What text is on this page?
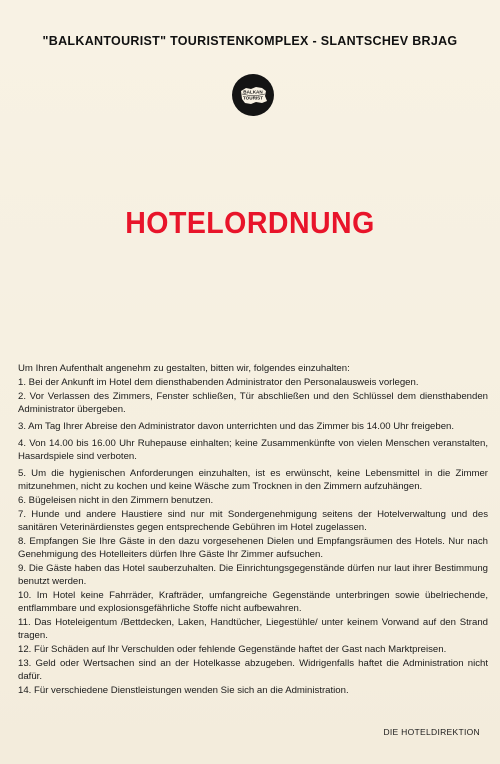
"BALKANTOURIST" TOURISTENKOMPLEX - SLANTSCHEV BRJAG
BALKAN
TOURIST
HOTELORDNUNG

Um Ihren Aufenthalt angenehm zu gestalten, bitten wir, folgendes einzuhalten:

1. Bei der Ankunft im Hotel dem diensthabenden Administrator den Personalausweis vorlegen.

2. Vor Verlassen des Zimmers, Fenster schließen, Tür abschließen und den Schlüssel dem diensthabenden Administrator übergeben.

3. Am Tag Ihrer Abreise den Administrator davon unterrichten und das Zimmer bis 14.00 Uhr freigeben.

4. Von 14.00 bis 16.00 Uhr Ruhepause einhalten; keine Zusammenkünfte von vielen Menschen veranstalten, Hasardspiele sind verboten.

5. Um die hygienischen Anforderungen einzuhalten, ist es erwünscht, keine Lebensmittel in die Zimmer mitzunehmen, nicht zu kochen und keine Wäsche zum Trocknen in den Zimmern aufzuhängen.

6. Bügeleisen nicht in den Zimmern benutzen.

7. Hunde und andere Haustiere sind nur mit Sondergenehmigung seitens der Hotelverwaltung und des sanitären Veterinärdienstes gegen entsprechende Gebühren im Hotel zugelassen.

8. Empfangen Sie Ihre Gäste in den dazu vorgesehenen Dielen und Empfangsräumen des Hotels. Nur nach Genehmigung des Hotelleiters dürfen Ihre Gäste Ihr Zimmer aufsuchen.

9. Die Gäste haben das Hotel sauberzuhalten. Die Einrichtungsgegenstände dürfen nur laut ihrer Bestimmung benutzt werden.

10. Im Hotel keine Fahrräder, Krafträder, umfangreiche Gegenstände unterbringen sowie übelriechende, entflammbare und explosionsgefährliche Stoffe nicht aufbewahren.

11. Das Hoteleigentum /Bettdecken, Laken, Handtücher, Liegestühle/ unter keinem Vorwand auf den Strand tragen.

12. Für Schäden auf Ihr Verschulden oder fehlende Gegenstände haftet der Gast nach Marktpreisen.

13. Geld oder Wertsachen sind an der Hotelkasse abzugeben. Widrigenfalls haftet die Administration nicht dafür.

14. Für verschiedene Dienstleistungen wenden Sie sich an die Administration.

DIE HOTELDIREKTION
